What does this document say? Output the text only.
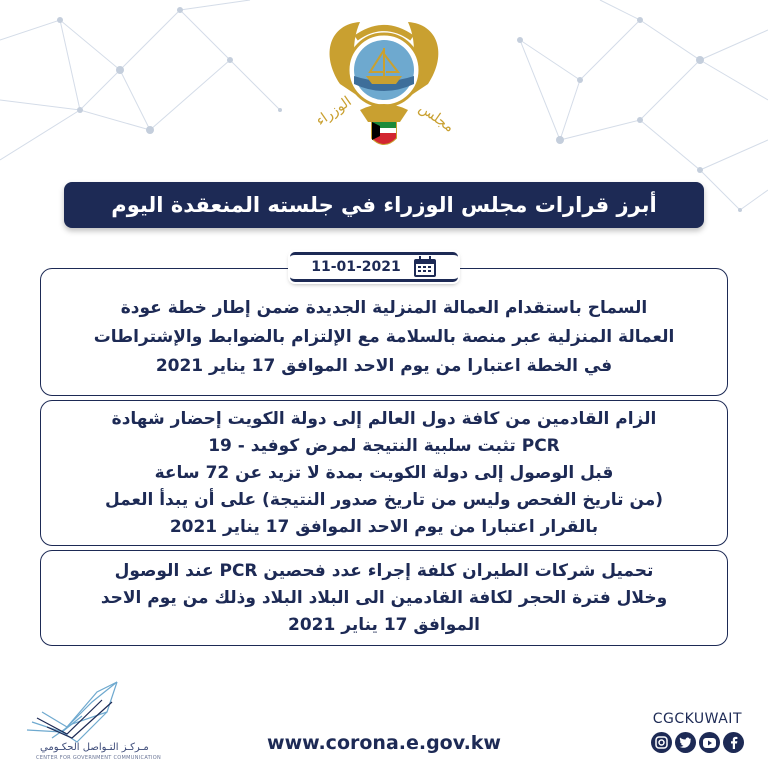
الوزراء	مجلس
أبرز قرارات مجلس الوزراء في جلسته المنعقدة اليوم

السماح باستقدام العمالة المنزلية الجديدة ضمن إطار خطة عودة

العمالة المنزلية عبر منصة بالسلامة مع الإلتزام بالضوابط والإشتراطات

في الخطة اعتبارا من يوم الاحد الموافق 17 يناير 2021

11-01-2021

الزام القادمين من كافة دول العالم إلى دولة الكويت إحضار شهادة

PCR تثبت سلبية النتيجة لمرض كوفيد - 19

قبل الوصول إلى دولة الكويت بمدة لا تزيد عن 72 ساعة

(من تاريخ الفحص وليس من تاريخ صدور النتيجة) على أن يبدأ العمل

بالقرار اعتبارا من يوم الاحد الموافق 17 يناير 2021

تحميل شركات الطيران كلفة إجراء عدد فحصين PCR عند الوصول

وخلال فترة الحجر لكافة القادمين الى البلاد البلاد وذلك من يوم الاحد

الموافق 17 يناير 2021

مـركـز التـواصل الحكـومي
CENTER FOR GOVERNMENT COMMUNICATION
www.corona.e.gov.kw
CGCKUWAIT
